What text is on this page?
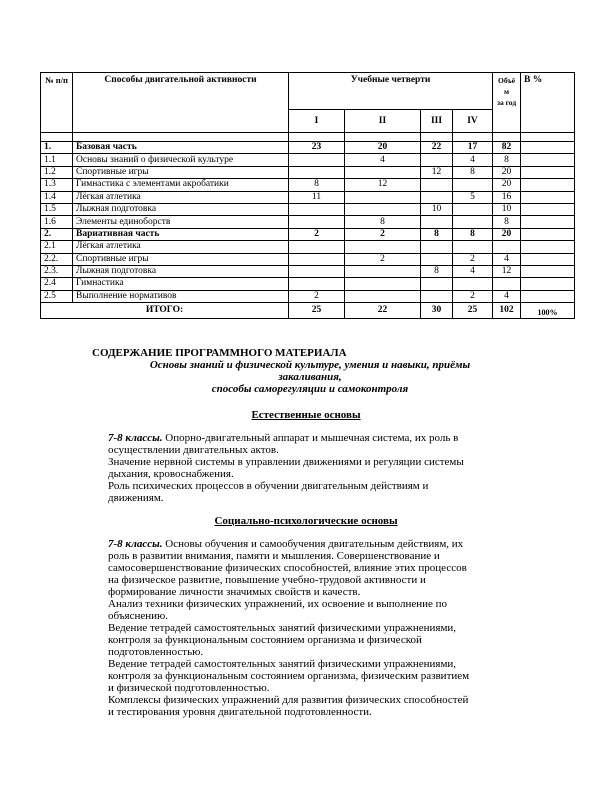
№ п/п	Способы двигательной активности	Учебные четверти				Объё
м
за год	В %
		I	II	III	IV		

1.	Базовая часть	23	20	22	17	82	
1.1	Основы знаний о физической культуре		4		4	8	
1.2	Спортивные игры			12	8	20	
1.3	Гимнастика с элементами акробатики	8	12			20	
1.4	Лёгкая атлетика	11			5	16	
1.5	Лыжная подготовка			10		10	
1.6	Элементы единоборств		8			8	
2.	Вариативная часть	2	2	8	8	20	
2.1	Лёгкая атлетика						
2.2.	Спортивные игры		2		2	4	
2.3.	Лыжная подготовка			8	4	12	
2.4	Гимнастика						
2.5	Выполнение нормативов	2			2	4	
ИТОГО:		25	22	30	25	102	100%
СОДЕРЖАНИЕ ПРОГРАММНОГО МАТЕРИАЛА
Основы знаний и физической культуре, умения и навыки, приёмы
закаливания,
способы саморегуляции и самоконтроля
Естественные основы

7-8 классы. Опорно-двигательный аппарат и мышечная система, их роль в

осуществлении двигательных актов.

Значение нервной системы в управлении движениями и регуляции системы

дыхания, кровоснабжения.

Роль психических процессов в обучении двигательным действиям и

движениям.

Социально-психологические основы

7-8 классы. Основы обучения и самообучения двигательным действиям, их

роль в развитии внимания, памяти и мышления. Совершенствование и

самосовершенствование физических способностей, влияние этих процессов

на физическое развитие, повышение учебно-трудовой активности и

формирование личности значимых свойств и качеств.

Анализ техники физических упражнений, их освоение и выполнение по

объяснению.

Ведение тетрадей самостоятельных занятий физическими упражнениями,

контроля за функциональным состоянием организма и физической

подготовленностью.

Ведение тетрадей самостоятельных занятий физическими упражнениями,

контроля за функциональным состоянием организма, физическим развитием

и физической подготовленностью.

Комплексы физических упражнений для развития физических способностей

и тестирования уровня двигательной подготовленности.
